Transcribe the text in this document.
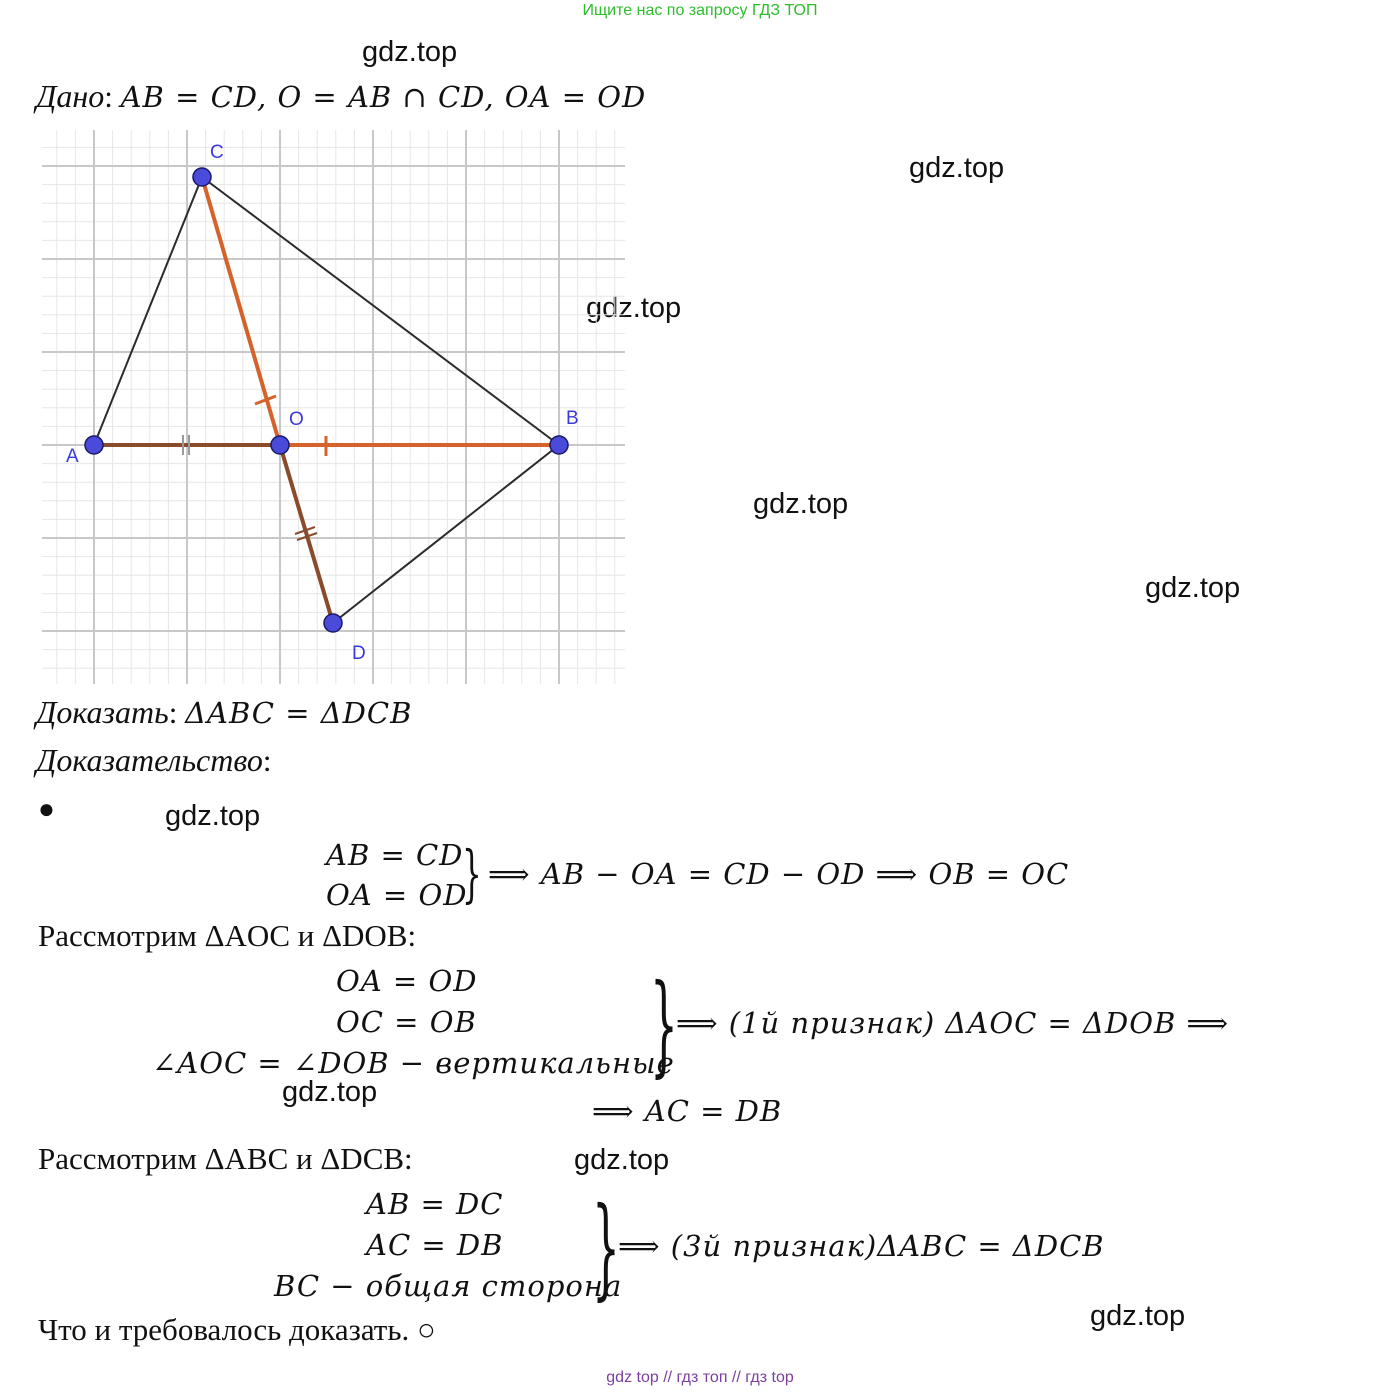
Ищите нас по запросу ГДЗ ТОП
gdz.top
gdz.top
gdz.top
gdz.top
gdz.top
gdz.top
gdz.top
gdz.top
gdz.top
Дано: AB = CD, O = AB ∩ CD, OA = OD
A
B
C
D
O
Доказать: ΔABC = ΔDCB
Доказательство:
●
AB = CD
OA = OD
} ⟹ AB − OA = CD − OD ⟹ OB = OC
Рассмотрим ΔAOC и ΔDOB:
OA = OD
OC = OB
∠AOC = ∠DOB − вертикальные
}
⟹ (1й признак) ΔAOC = ΔDOB ⟹
⟹ AC = DB
Рассмотрим ΔABC и ΔDCB:
AB = DC
AC = DB
BC − общая сторона
}
⟹ (3й признак)ΔABC = ΔDCB
Что и требовалось доказать. ○
gdz top // гдз топ // гдз top
